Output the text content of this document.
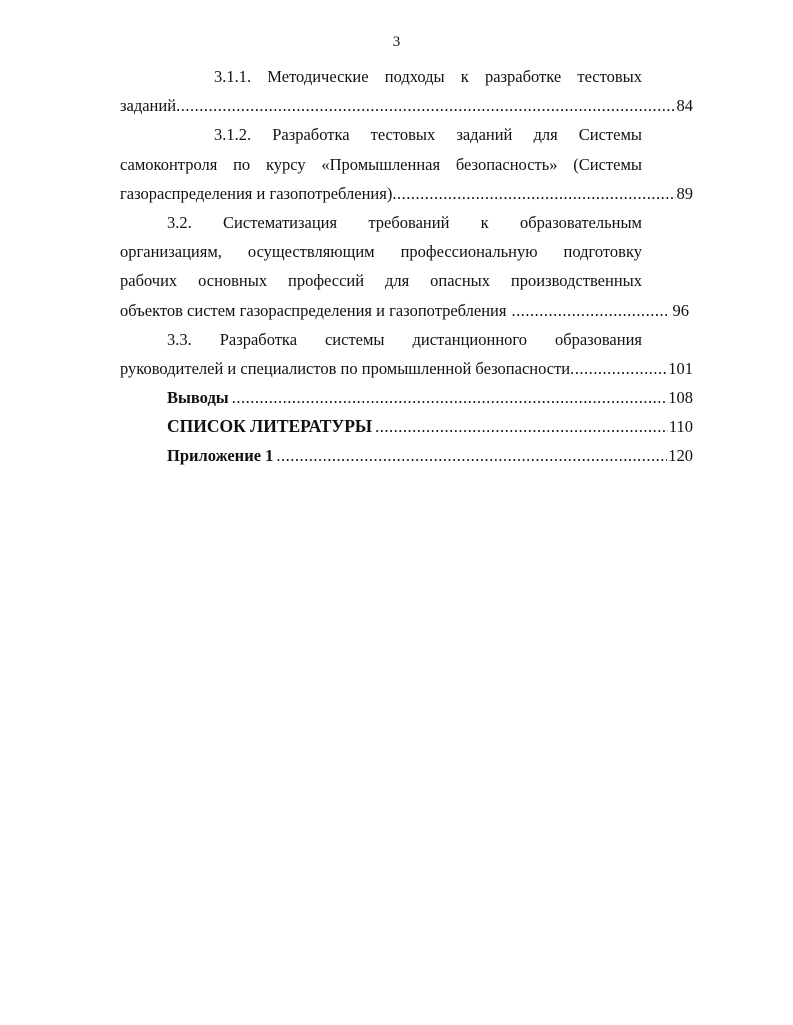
3
3.1.1. Методические подходы к разработке тестовых
заданий .....	84
3.1.2. Разработка тестовых заданий для Системы
самоконтроля по курсу «Промышленная безопасность» (Системы
газораспределения и газопотребления) .....	89
3.2. Систематизация требований к образовательным
организациям, осуществляющим профессиональную подготовку
рабочих основных профессий для опасных производственных
объектов систем газораспределения и газопотребления .....	96
3.3. Разработка системы дистанционного образования
руководителей и специалистов по промышленной безопасности .....	101
Выводы .....	108
СПИСОК ЛИТЕРАТУРЫ .....	110
Приложение 1 .....	120
